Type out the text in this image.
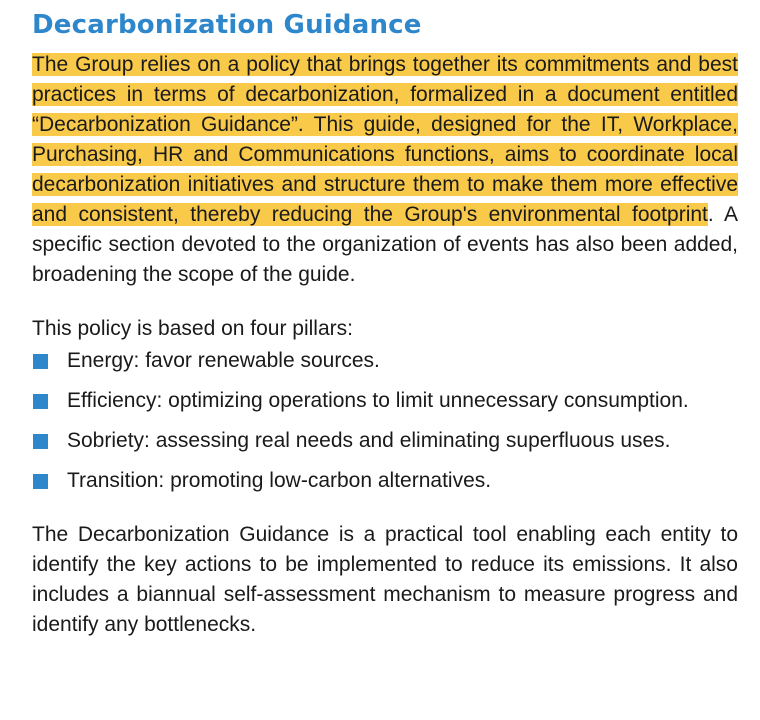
Decarbonization Guidance

The Group relies on a policy that brings together its commitments and best practices in terms of decarbonization, formalized in a document entitled “Decarbonization Guidance”. This guide, designed for the IT, Workplace, Purchasing, HR and Communications functions, aims to coordinate local decarbonization initiatives and structure them to make them more effective and consistent, thereby reducing the Group's environmental footprint. A specific section devoted to the organization of events has also been added, broadening the scope of the guide.

This policy is based on four pillars:

Energy: favor renewable sources.
Efficiency: optimizing operations to limit unnecessary consumption.
Sobriety: assessing real needs and eliminating superfluous uses.
Transition: promoting low-carbon alternatives.

The Decarbonization Guidance is a practical tool enabling each entity to identify the key actions to be implemented to reduce its emissions. It also includes a biannual self-assessment mechanism to measure progress and identify any bottlenecks.
